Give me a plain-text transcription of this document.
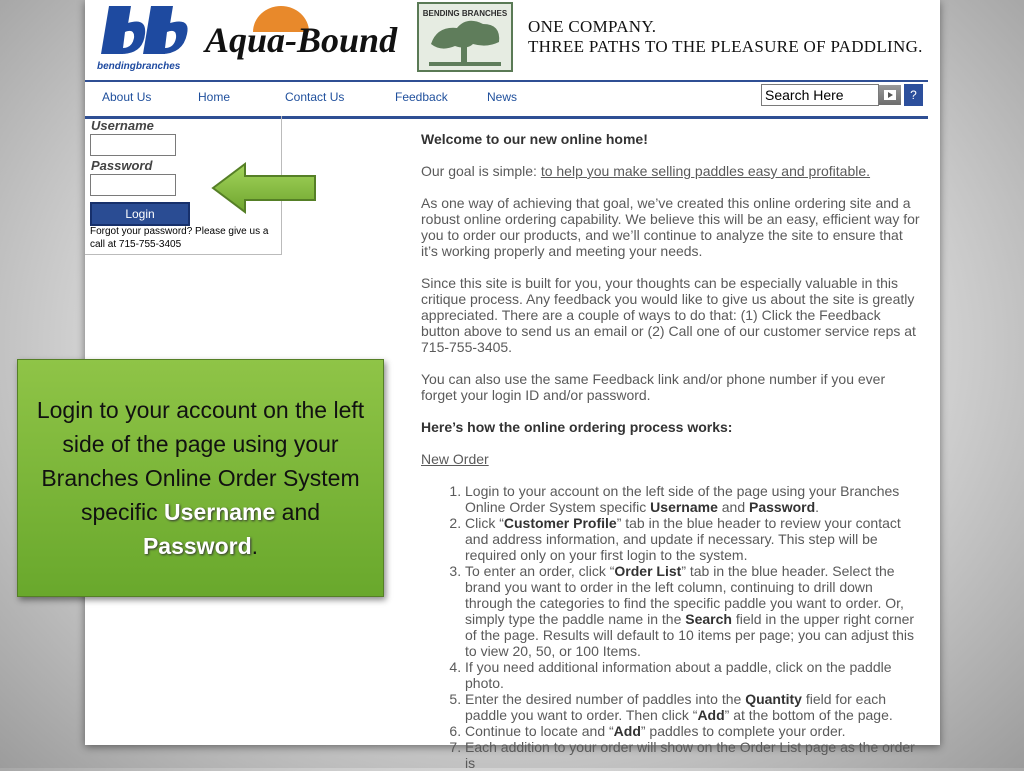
bendingbranches
Aqua-Bound
BENDING BRANCHES
ONE COMPANY.
THREE PATHS TO THE PLEASURE OF PADDLING.
About Us	Home	Contact Us	Feedback	News
Search Here	?
Username
Password
Login
Forgot your password? Please give us a call at 715-755-3405

Welcome to our new online home!

Our goal is simple: to help you make selling paddles easy and profitable.

As one way of achieving that goal, we’ve created this online ordering site and a robust online ordering capability. We believe this will be an easy, efficient way for you to order our products, and we’ll continue to analyze the site to ensure that it’s working properly and meeting your needs.

Since this site is built for you, your thoughts can be especially valuable in this critique process. Any feedback you would like to give us about the site is greatly appreciated. There are a couple of ways to do that: (1) Click the Feedback button above to send us an email or (2) Call one of our customer service reps at 715-755-3405.

You can also use the same Feedback link and/or phone number if you ever forget your login ID and/or password.

Here’s how the online ordering process works:

New Order

1. Login to your account on the left side of the page using your Branches Online Order System specific Username and Password.
2. Click “Customer Profile” tab in the blue header to review your contact and address information, and update if necessary. This step will be required only on your first login to the system.
3. To enter an order, click “Order List” tab in the blue header. Select the brand you want to order in the left column, continuing to drill down through the categories to find the specific paddle you want to order. Or, simply type the paddle name in the Search field in the upper right corner of the page. Results will default to 10 items per page; you can adjust this to view 20, 50, or 100 Items.
4. If you need additional information about a paddle, click on the paddle photo.
5. Enter the desired number of paddles into the Quantity field for each paddle you want to order. Then click “Add” at the bottom of the page.
6. Continue to locate and “Add” paddles to complete your order.
7. Each addition to your order will show on the Order List page as the order is
Login to your account on the left side of the page using your Branches Online Order System specific Username and Password.
